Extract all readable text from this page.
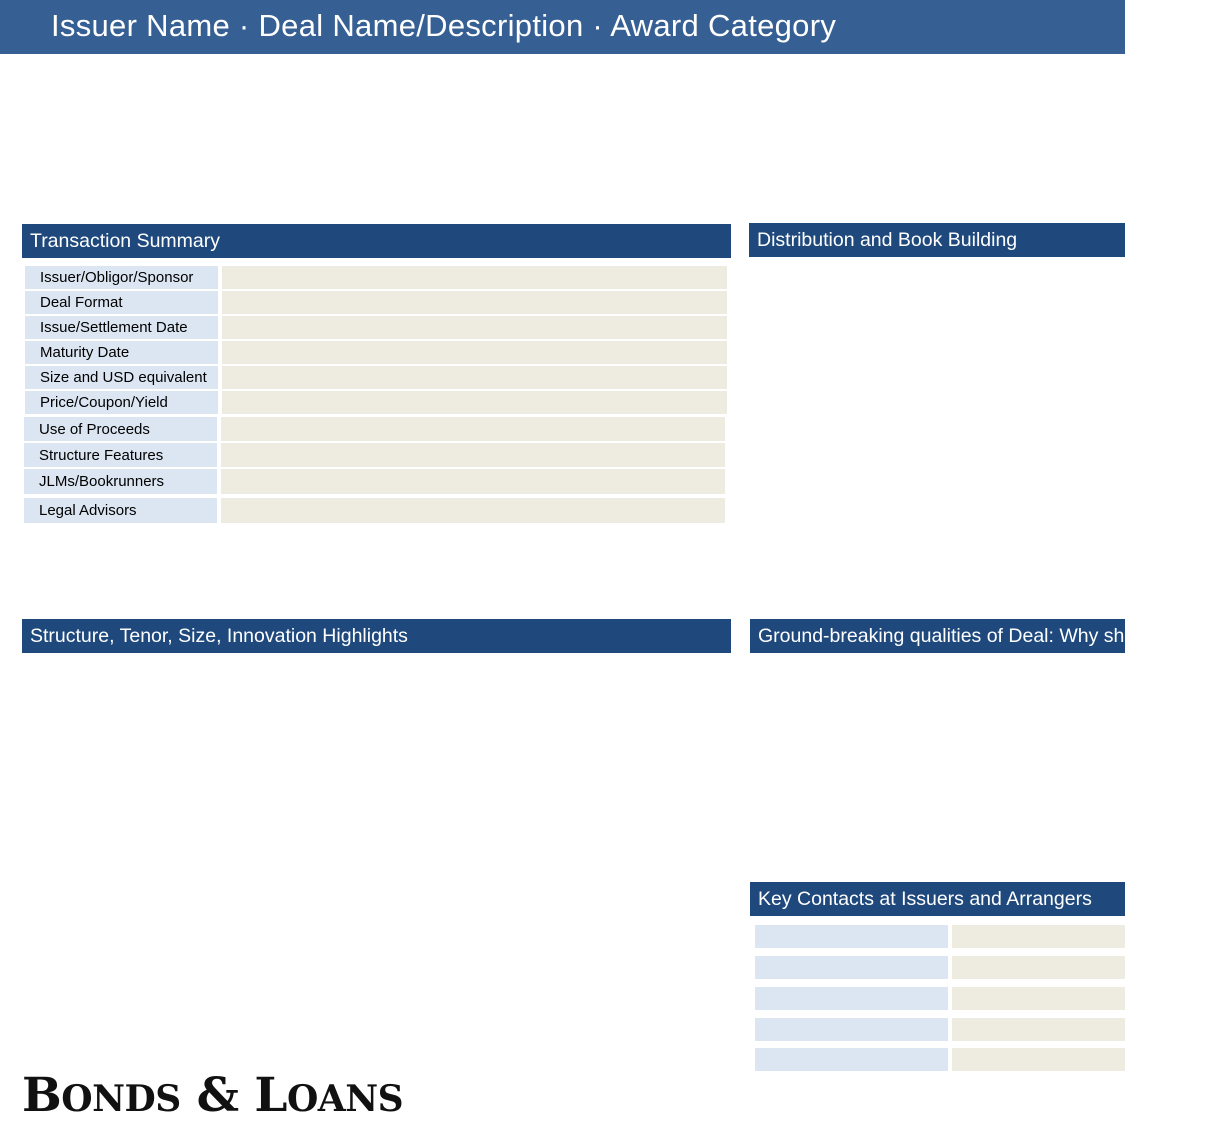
Issuer Name · Deal Name/Description · Award Category
Transaction Summary
Issuer/Obligor/Sponsor
Deal Format
Issue/Settlement Date
Maturity Date
Size and USD equivalent
Price/Coupon/Yield
Use of Proceeds
Structure Features
JLMs/Bookrunners
Legal Advisors
Distribution and Book Building
Structure, Tenor, Size, Innovation Highlights	Ground-breaking qualities of Deal: Why should it win?
Key Contacts at Issuers and Arrangers
BONDS & LOANS
